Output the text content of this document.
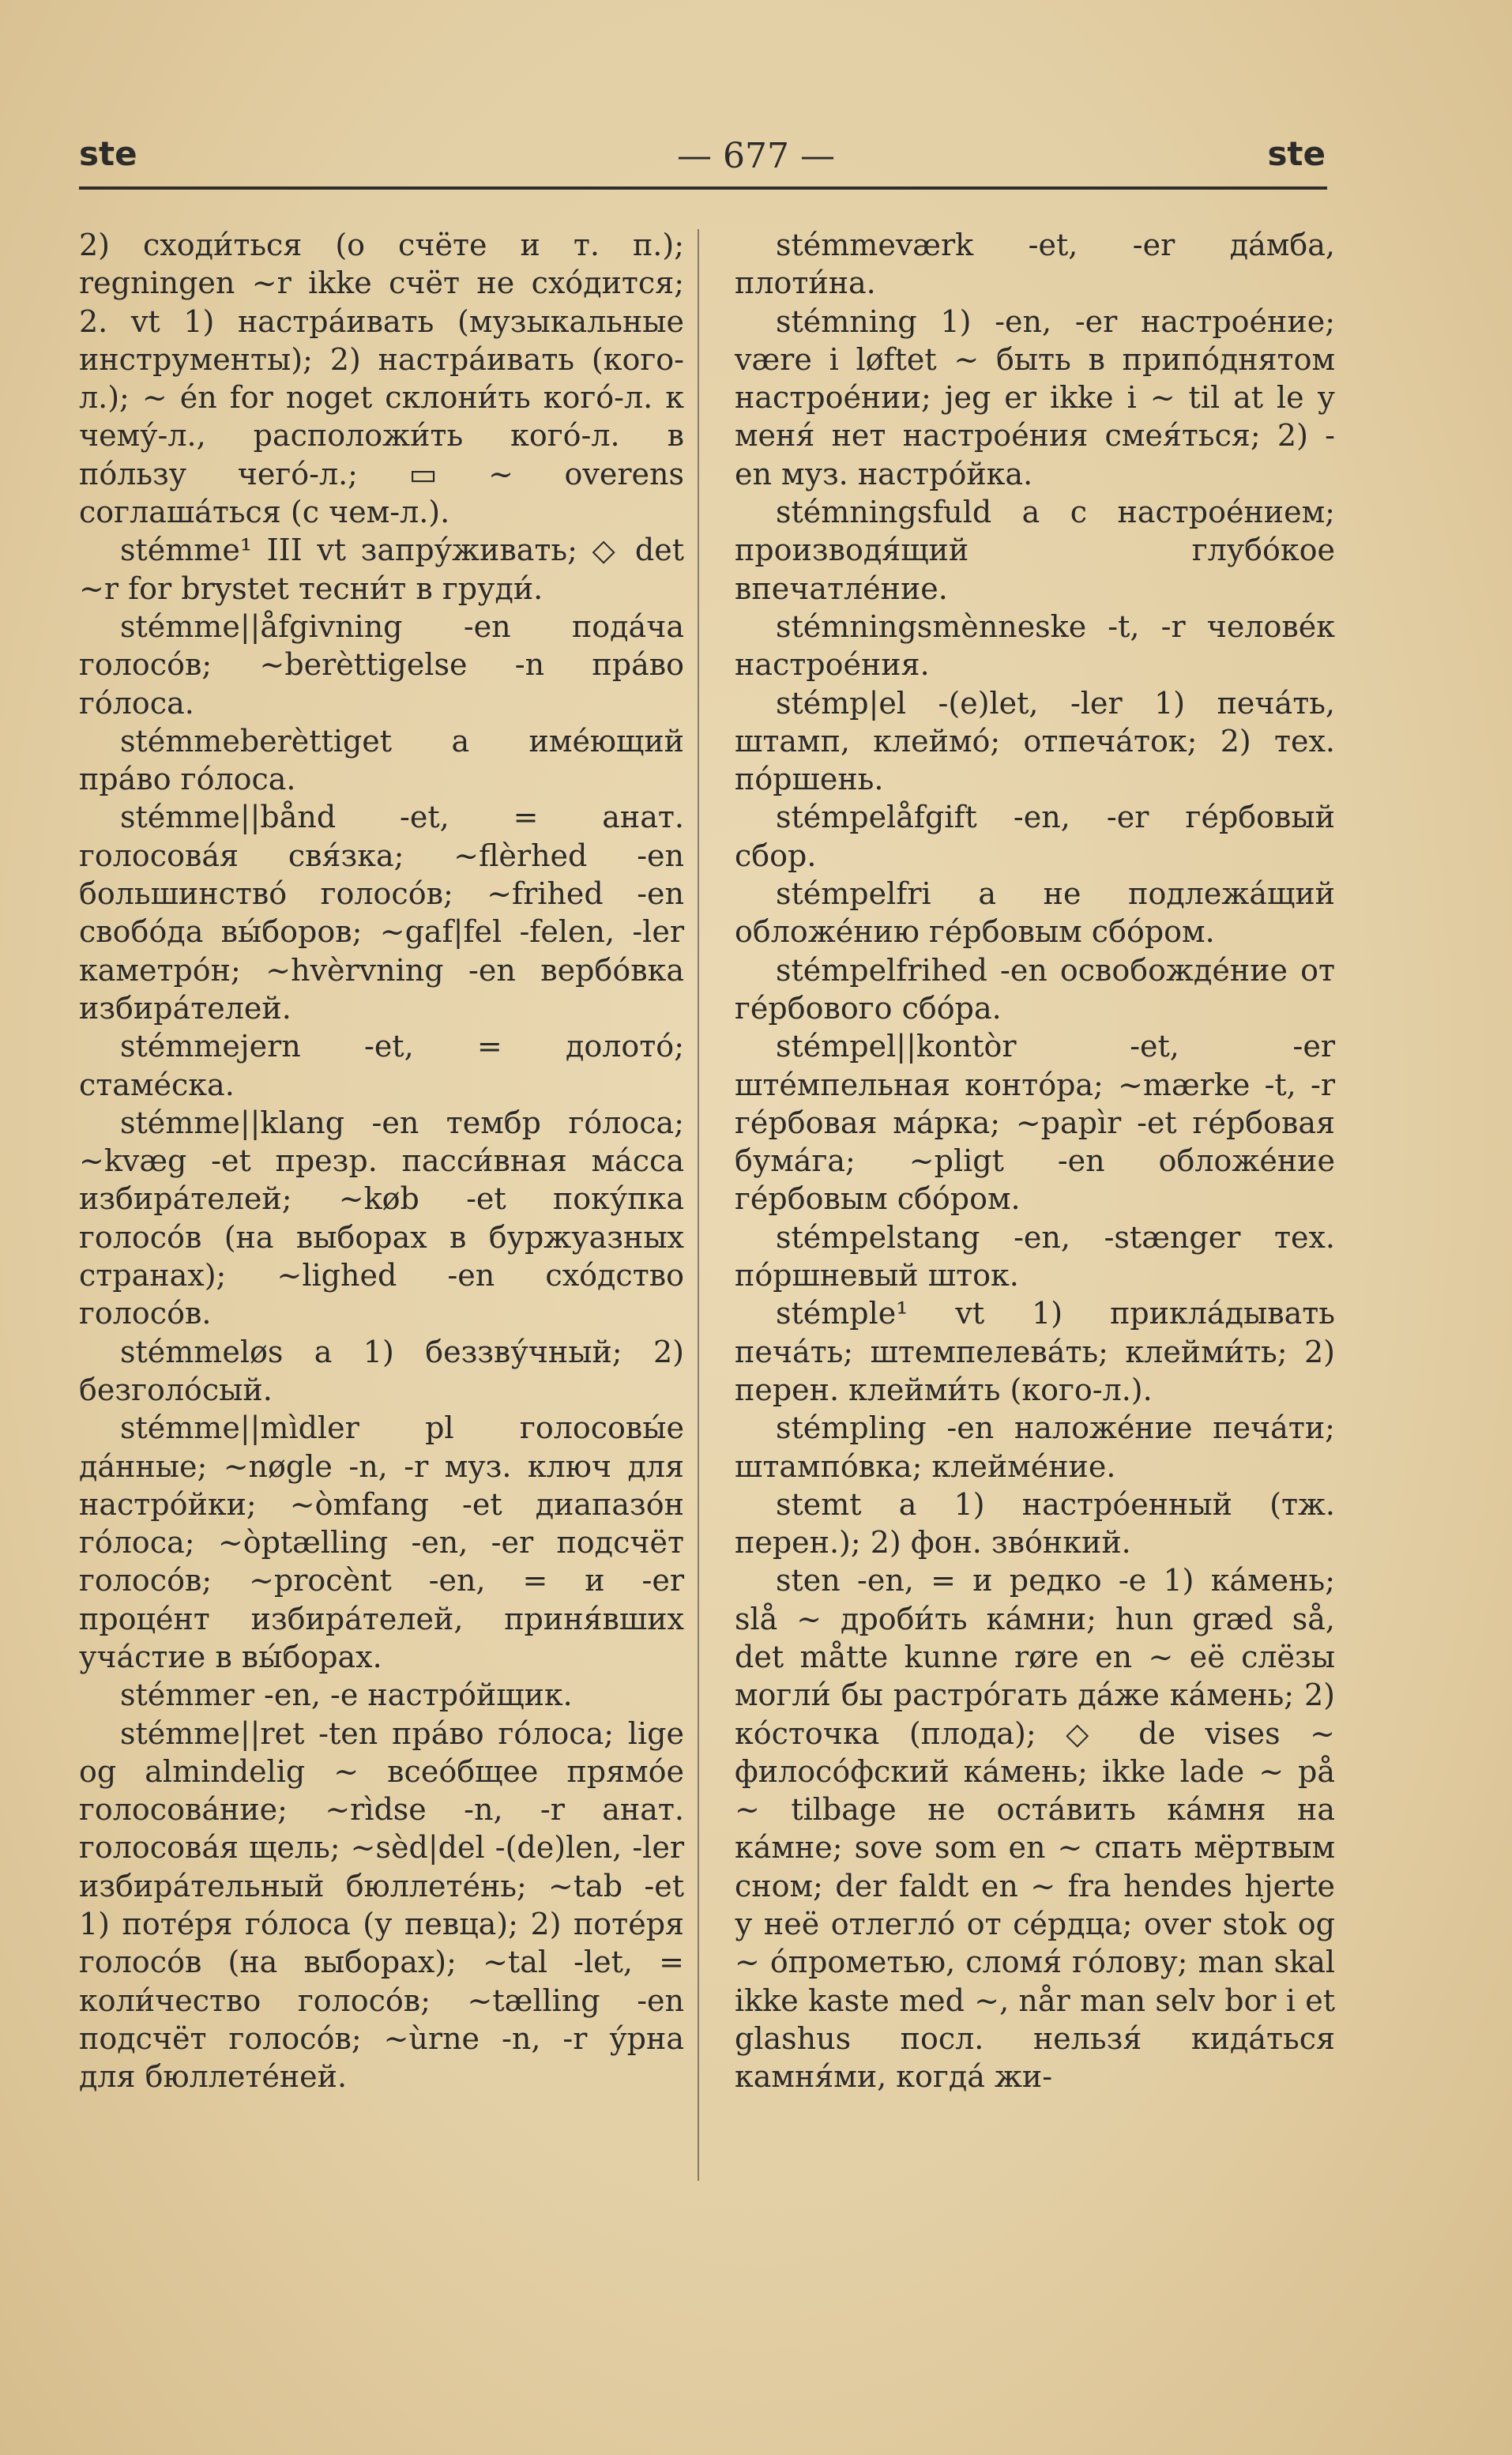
ste	— 677 —	ste

2) сходи́ться (о счёте и т. п.); regningen ~r ikke счёт не схо́дится; 2. vt 1) настра́ивать (музыкальные инструменты); 2) настра́ивать (кого-л.); ~ én for noget склони́ть кого́-л. к чему́-л., расположи́ть кого́-л. в по́льзу чего́-л.; ▭ ~ overens соглаша́ться (с чем-л.).

stémme¹ III vt запру́живать; ◇ det ~r for brystet тесни́т в груди́.

stémme||åfgivning -en пода́ча голосо́в; ~berèttigelse -n пра́во го́лоса.

stémmeberèttiget a име́ющий пра́во го́лоса.

stémme||bånd -et, = анат. голосова́я свя́зка; ~flèrhed -en большинство́ голосо́в; ~frihed -en свобо́да вы́боров; ~gaf|fel -felen, -ler каметро́н; ~hvèrvning -en вербо́вка избира́телей.

stémmejern -et, = долото́; стаме́ска.

stémme||klang -en тембр го́лоса; ~kvæg -et презр. пасси́вная ма́сса избира́телей; ~køb -et поку́пка голосо́в (на выборах в буржуазных странах); ~lighed -en схо́дство голосо́в.

stémmeløs a 1) беззву́чный; 2) безголо́сый.

stémme||mìdler pl голосовы́е да́нные; ~nøgle -n, -r муз. ключ для настро́йки; ~òmfang -et диапазо́н го́лоса; ~òptælling -en, -er подсчёт голосо́в; ~procènt -en, = и -er проце́нт избира́телей, приня́вших уча́стие в вы́борах.

stémmer -en, -e настро́йщик.

stémme||ret -ten пра́во го́лоса; lige og almindelig ~ всео́бщее прямо́е голосова́ние; ~rìdse -n, -r анат. голосова́я щель; ~sèd|del -(de)len, -ler избира́тельный бюллете́нь; ~tab -et 1) поте́ря го́лоса (у певца); 2) поте́ря голосо́в (на выборах); ~tal -let, = коли́чество голосо́в; ~tælling -en подсчёт голосо́в; ~ùrne -n, -r у́рна для бюллете́ней.

stémmeværk -et, -er да́мба, плоти́на.

stémning 1) -en, -er настрое́ние; være i løftet ~ быть в припо́днятом настрое́нии; jeg er ikke i ~ til at le у меня́ нет настрое́ния смея́ться; 2) -en муз. настро́йка.

stémningsfuld a с настрое́нием; производя́щий глубо́кое впечатле́ние.

stémningsmènneske -t, -r челове́к настрое́ния.

stémp|el -(e)let, -ler 1) печа́ть, штамп, клеймо́; отпеча́ток; 2) тех. по́ршень.

stémpelåfgift -en, -er ге́рбовый сбор.

stémpelfri a не подлежа́щий обложе́нию ге́рбовым сбо́ром.

stémpelfrihed -en освобожде́ние от ге́рбового сбо́ра.

stémpel||kontòr -et, -er ште́мпельная конто́ра; ~mærke -t, -r ге́рбовая ма́рка; ~papìr -et ге́рбовая бума́га; ~pligt -en обложе́ние ге́рбовым сбо́ром.

stémpelstang -en, -stænger тех. по́ршневый шток.

stémple¹ vt 1) прикла́дывать печа́ть; штемпелева́ть; клейми́ть; 2) перен. клейми́ть (кого-л.).

stémpling -en наложе́ние печа́ти; штампо́вка; клейме́ние.

stemt a 1) настро́енный (тж. перен.); 2) фон. зво́нкий.

sten -en, = и редко -e 1) ка́мень; slå ~ дроби́ть ка́мни; hun græd så, det måtte kunne røre en ~ её слёзы могли́ бы растро́гать да́же ка́мень; 2) ко́сточка (плода); ◇ de vises ~ филосо́фский ка́мень; ikke lade ~ på ~ tilbage не оста́вить ка́мня на ка́мне; sove som en ~ спать мёртвым сном; der faldt en ~ fra hendes hjerte у неё отлегло́ от се́рдца; over stok og ~ о́прометью, сломя́ го́лову; man skal ikke kaste med ~, når man selv bor i et glashus посл. нельзя́ кида́ться камня́ми, когда́ жи-
